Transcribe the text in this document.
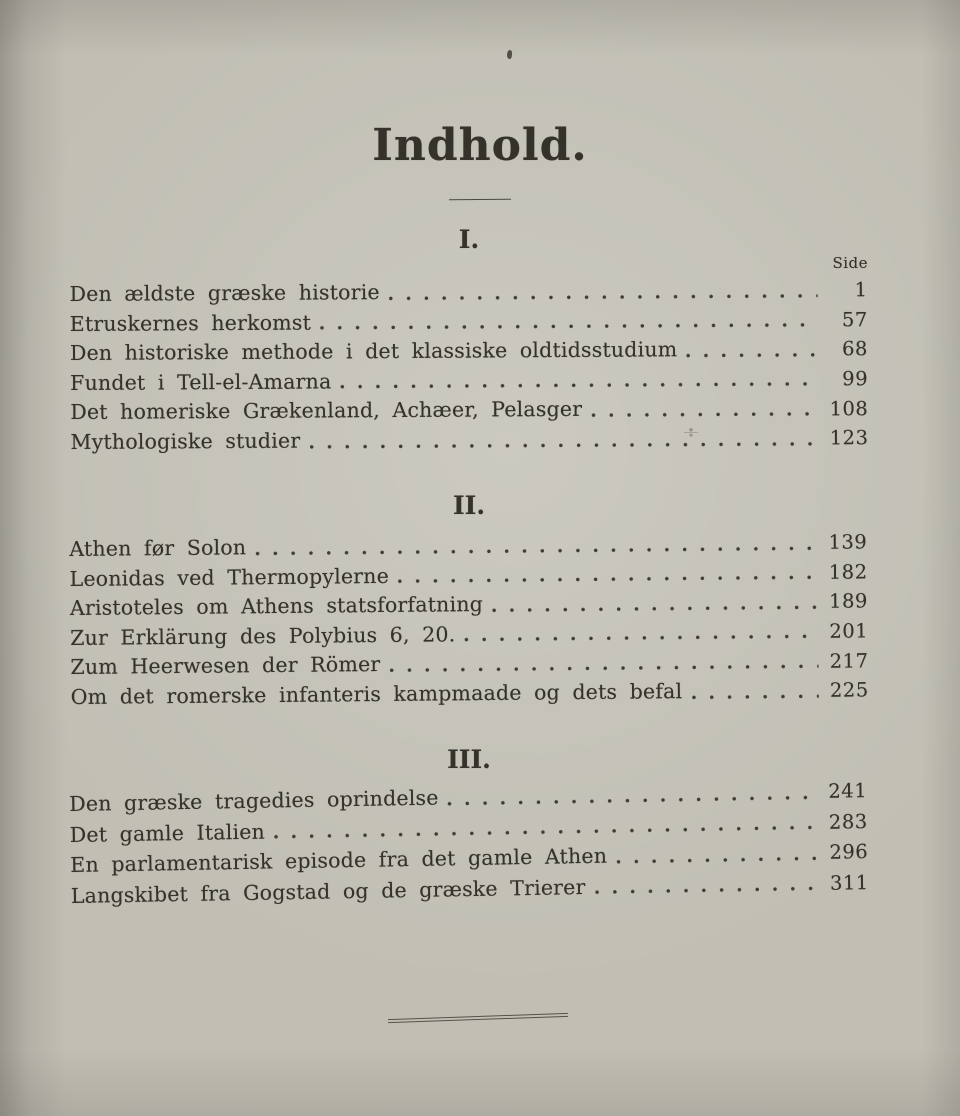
Indhold.
I.
Side
Den ældste græske historie	1
Etruskernes herkomst	57
Den historiske methode i det klassiske oldtidsstudium	68
Fundet i Tell-el-Amarna	99
Det homeriske Grækenland, Achæer, Pelasger	108
Mythologiske studier	123
II.
Athen før Solon	139
Leonidas ved Thermopylerne	182
Aristoteles om Athens statsforfatning	189
Zur Erklärung des Polybius 6, 20.	201
Zum Heerwesen der Römer	217
Om det romerske infanteris kampmaade og dets befal	225
III.
Den græske tragedies oprindelse	241
Det gamle Italien	283
En parlamentarisk episode fra det gamle Athen	296
Langskibet fra Gogstad og de græske Trierer	311
